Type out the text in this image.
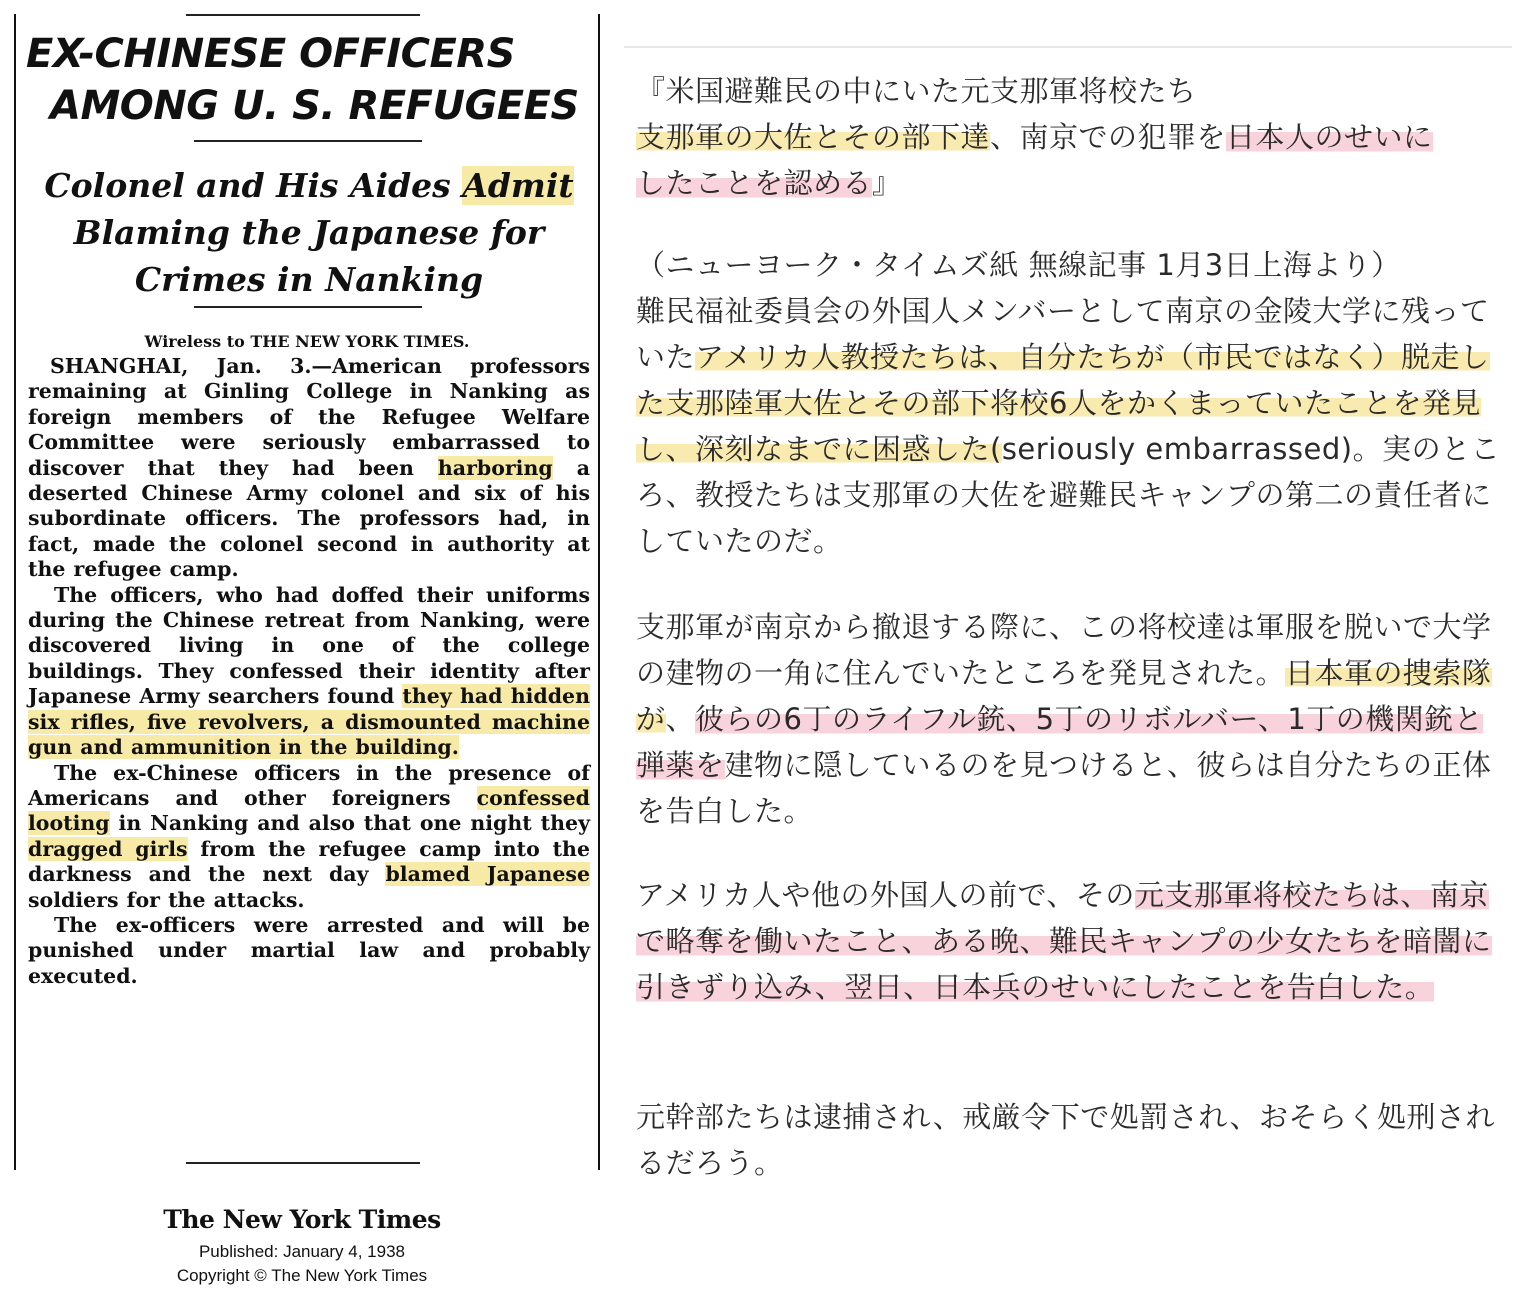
EX-CHINESE OFFICERS
AMONG U. S. REFUGEES
Colonel and His Aides Admit
Blaming the Japanese for
Crimes in Nanking
Wireless to THE NEW YORK TIMES.

SHANGHAI, Jan. 3.—American professors remaining at Ginling College in Nanking as foreign members of the Refugee Welfare Committee were seriously embarrassed to discover that they had been harboring a deserted Chinese Army colonel and six of his subordinate officers. The professors had, in fact, made the colonel second in authority at the refugee camp.

The officers, who had doffed their uniforms during the Chinese retreat from Nanking, were discovered living in one of the college buildings. They confessed their identity after Japanese Army searchers found they had hidden six rifles, five revolvers, a dismounted machine gun and ammunition in the building.

The ex-Chinese officers in the presence of Americans and other foreigners confessed looting in Nanking and also that one night they dragged girls from the refugee camp into the darkness and the next day blamed Japanese soldiers for the attacks.

The ex-officers were arrested and will be punished under martial law and probably executed.

The New York Times
Published: January 4, 1938
Copyright © The New York Times

『米国避難民の中にいた元支那軍将校たち

支那軍の大佐とその部下達、南京での犯罪を日本人のせいに

したことを認める』

（ニューヨーク・タイムズ紙 無線記事 1月3日上海より）

難民福祉委員会の外国人メンバーとして南京の金陵大学に残っていたアメリカ人教授たちは、自分たちが（市民ではなく）脱走した支那陸軍大佐とその部下将校6人をかくまっていたことを発見し、深刻なまでに困惑した(seriously embarrassed)。実のところ、教授たちは支那軍の大佐を避難民キャンプの第二の責任者にしていたのだ。

支那軍が南京から撤退する際に、この将校達は軍服を脱いで大学の建物の一角に住んでいたところを発見された。日本軍の捜索隊が、彼らの6丁のライフル銃、5丁のリボルバー、1丁の機関銃と弾薬を建物に隠しているのを見つけると、彼らは自分たちの正体を告白した。

アメリカ人や他の外国人の前で、その元支那軍将校たちは、南京で略奪を働いたこと、ある晩、難民キャンプの少女たちを暗闇に引きずり込み、翌日、日本兵のせいにしたことを告白した。

元幹部たちは逮捕され、戒厳令下で処罰され、おそらく処刑されるだろう。
